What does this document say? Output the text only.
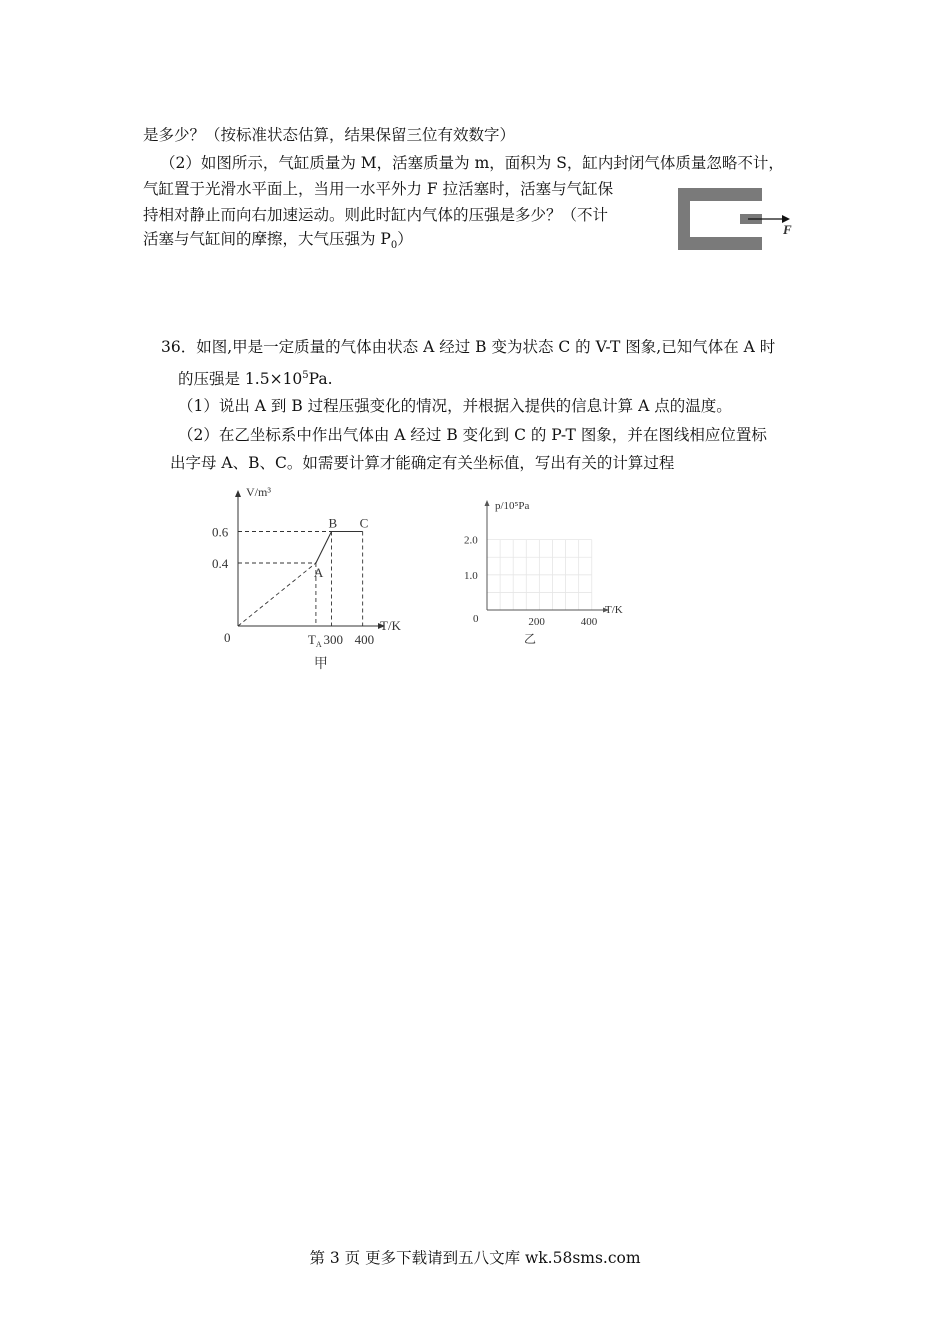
是多少？（按标准状态估算，结果保留三位有效数字）
（2）如图所示，气缸质量为 M，活塞质量为 m，面积为 S，缸内封闭气体质量忽略不计，
气缸置于光滑水平面上，当用一水平外力 F 拉活塞时，活塞与气缸保
持相对静止而向右加速运动。则此时缸内气体的压强是多少？（不计
活塞与气缸间的摩擦，大气压强为 $P_0$）
F
36．如图,甲是一定质量的气体由状态 A 经过 B 变为状态 C 的 V-T 图象,已知气体在 A 时
的压强是 $1.5\times 10^5Pa$.
（1）说出 A 到 B 过程压强变化的情况，并根据入提供的信息计算 A 点的温度。
（2）在乙坐标系中作出气体由 A 经过 B 变化到 C 的 P-T 图象，并在图线相应位置标
出字母 A、B、C。如需要计算才能确定有关坐标值，写出有关的计算过程
V/m³
T/K
0
0.4
0.6
$T_A$ 300 400
A
B C
甲
p/10⁵Pa
T/K
0
1.0
2.0
200	400
乙
第 3 页 更多下载请到五八文库 wk.58sms.com
